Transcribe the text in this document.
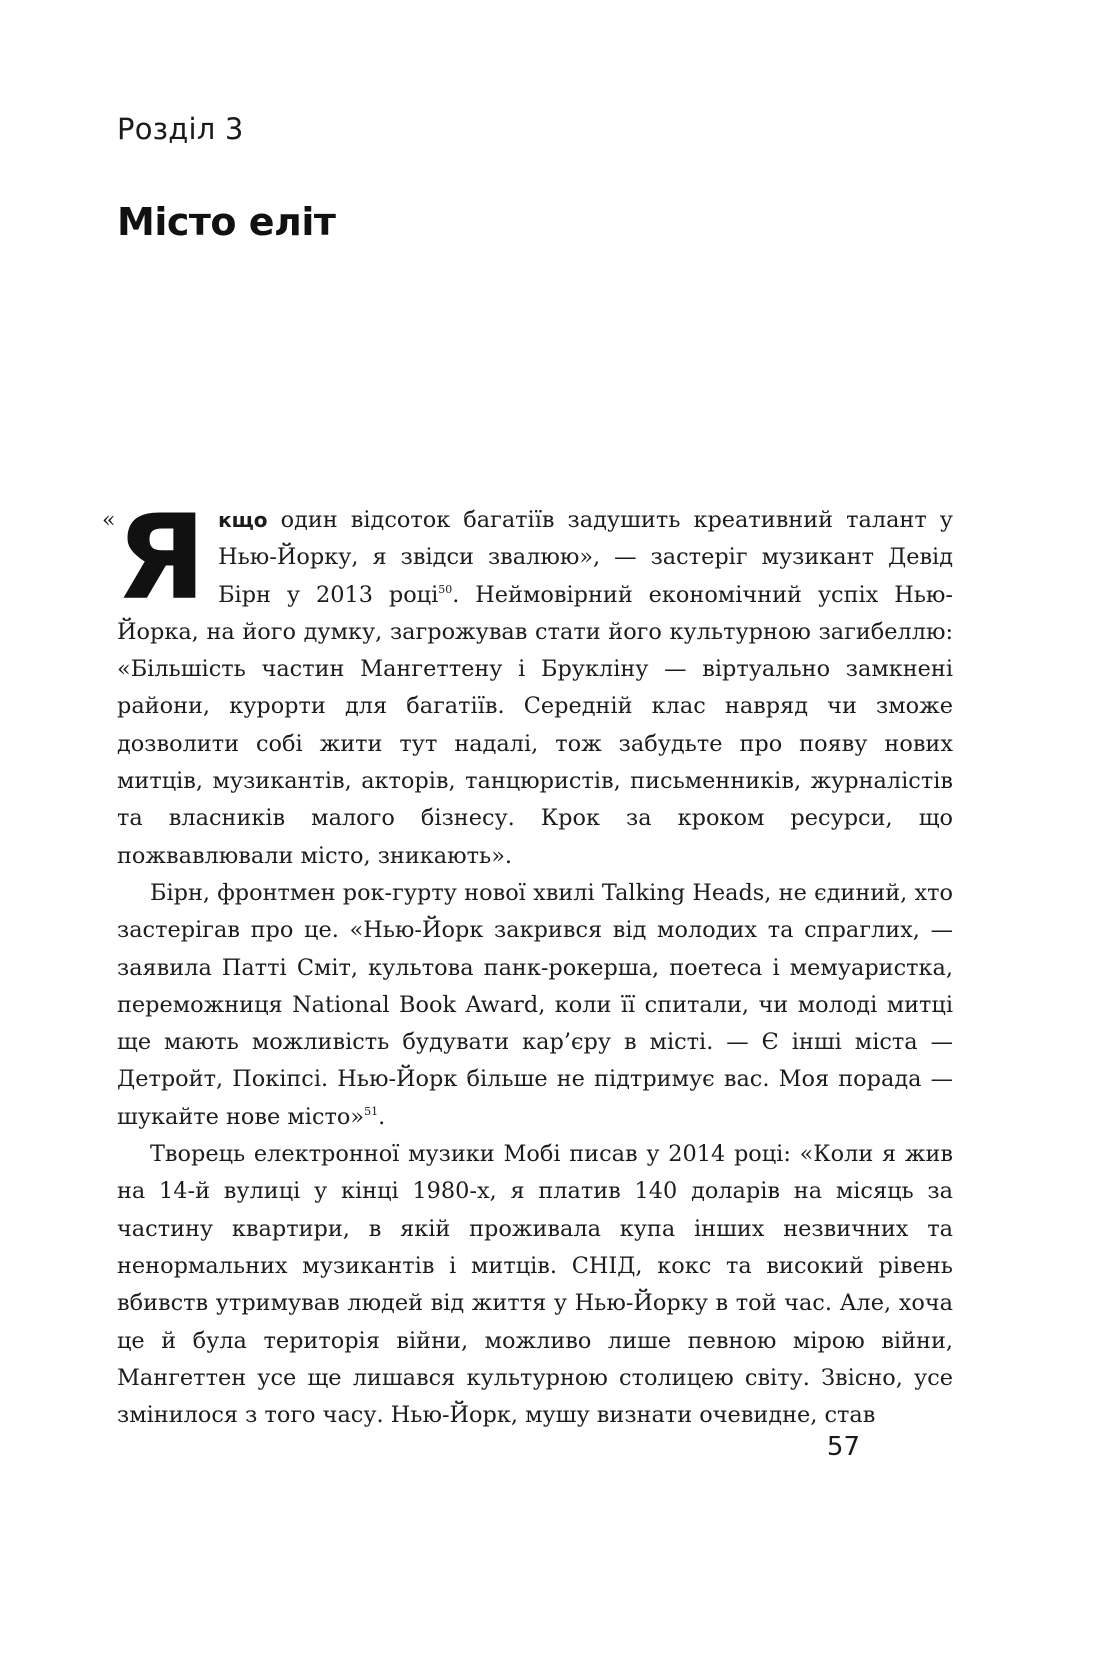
Розділ 3
Місто еліт

« Я кщо один відсоток багатіїв задушить креативний талант у Нью-Йорку, я звідси звалюю», — застеріг музикант Девід Бірн у 2013 році$^{50}$. Неймовірний економічний успіх Нью-Йорка, на його думку, загрожував стати його культурною загибеллю: «Більшість частин Мангеттену і Брукліну — віртуально замкнені райони, курорти для багатіїв. Середній клас навряд чи зможе дозволити собі жити тут надалі, тож забудьте про появу нових митців, музикантів, акторів, танцюристів, письменників, журналістів та власників малого бізнесу. Крок за кроком ресурси, що пожвавлювали місто, зникають».

Бірн, фронтмен рок-гурту нової хвилі Talking Heads, не єдиний, хто застерігав про це. «Нью-Йорк закрився від молодих та спраглих, — заявила Патті Сміт, культова панк-рокерша, поетеса і мемуаристка, переможниця National Book Award, коли її спитали, чи молоді митці ще мають можливість будувати кар’єру в місті. — Є інші міста — Детройт, Покіпсі. Нью-Йорк більше не підтримує вас. Моя порада — шукайте нове місто»$^{51}$.

Творець електронної музики Мобі писав у 2014 році: «Коли я жив на 14-й вулиці у кінці 1980-х, я платив 140 доларів на місяць за частину квартири, в якій проживала купа інших незвичних та ненормальних музикантів і митців. СНІД, кокс та високий рівень вбивств утримував людей від життя у Нью-Йорку в той час. Але, хоча це й була територія війни, можливо лише певною мірою війни, Мангеттен усе ще лишався культурною столицею світу. Звісно, усе змінилося з того часу. Нью-Йорк, мушу визнати очевидне, став

57
